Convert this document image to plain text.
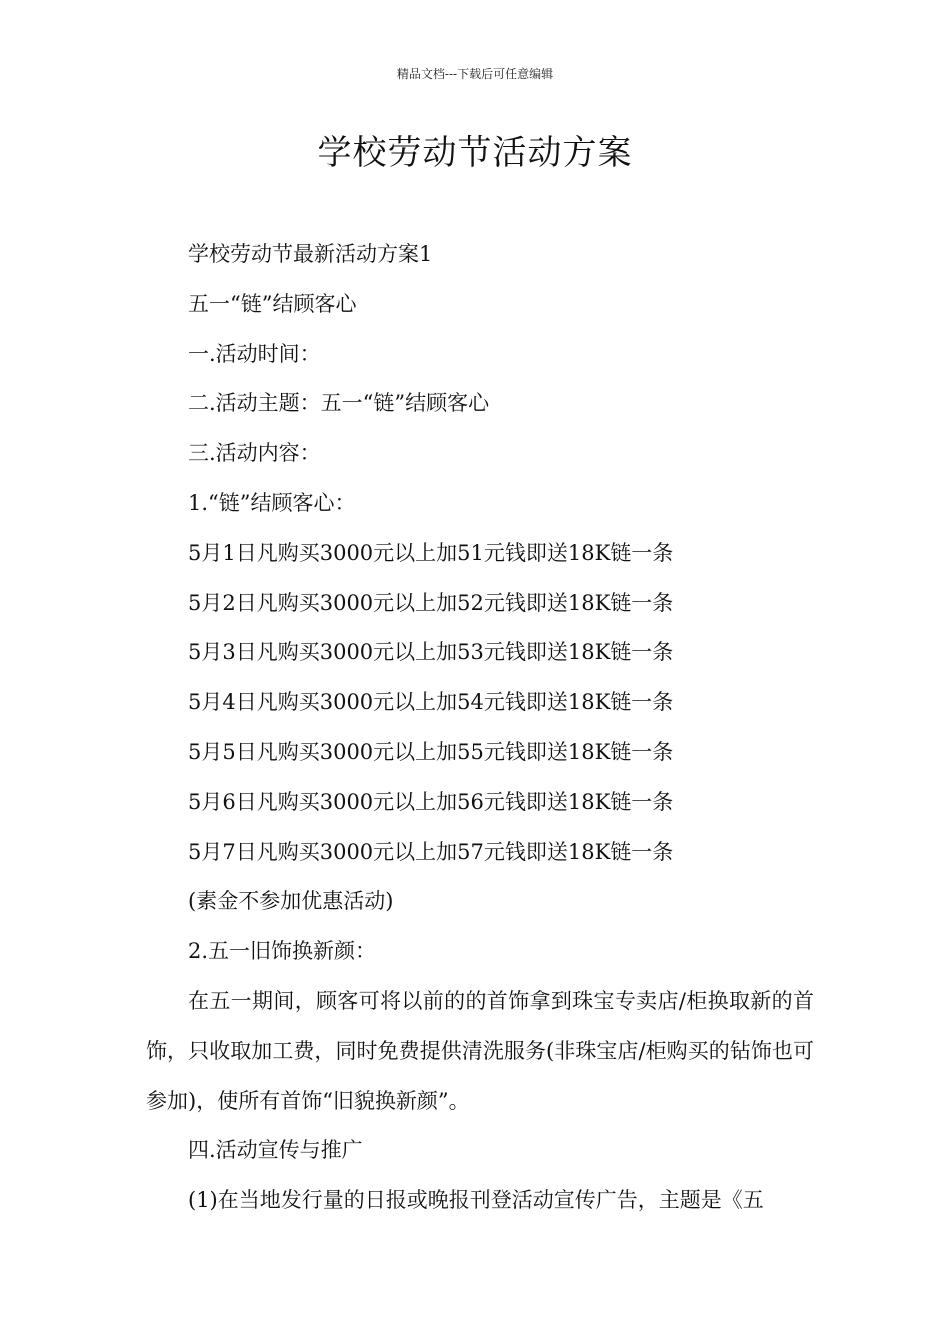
精品文档---下载后可任意编辑
学校劳动节活动方案

学校劳动节最新活动方案1

五一“链”结顾客心

一.活动时间：

二.活动主题：五一“链”结顾客心

三.活动内容：

1.“链”结顾客心：

5月1日凡购买3000元以上加51元钱即送18K链一条

5月2日凡购买3000元以上加52元钱即送18K链一条

5月3日凡购买3000元以上加53元钱即送18K链一条

5月4日凡购买3000元以上加54元钱即送18K链一条

5月5日凡购买3000元以上加55元钱即送18K链一条

5月6日凡购买3000元以上加56元钱即送18K链一条

5月7日凡购买3000元以上加57元钱即送18K链一条

(素金不参加优惠活动)

2.五一旧饰换新颜：

在五一期间，顾客可将以前的的首饰拿到珠宝专卖店/柜换取新的首饰，只收取加工费，同时免费提供清洗服务(非珠宝店/柜购买的钻饰也可参加)，使所有首饰“旧貌换新颜”。

四.活动宣传与推广

(1)在当地发行量的日报或晚报刊登活动宣传广告，主题是《五
